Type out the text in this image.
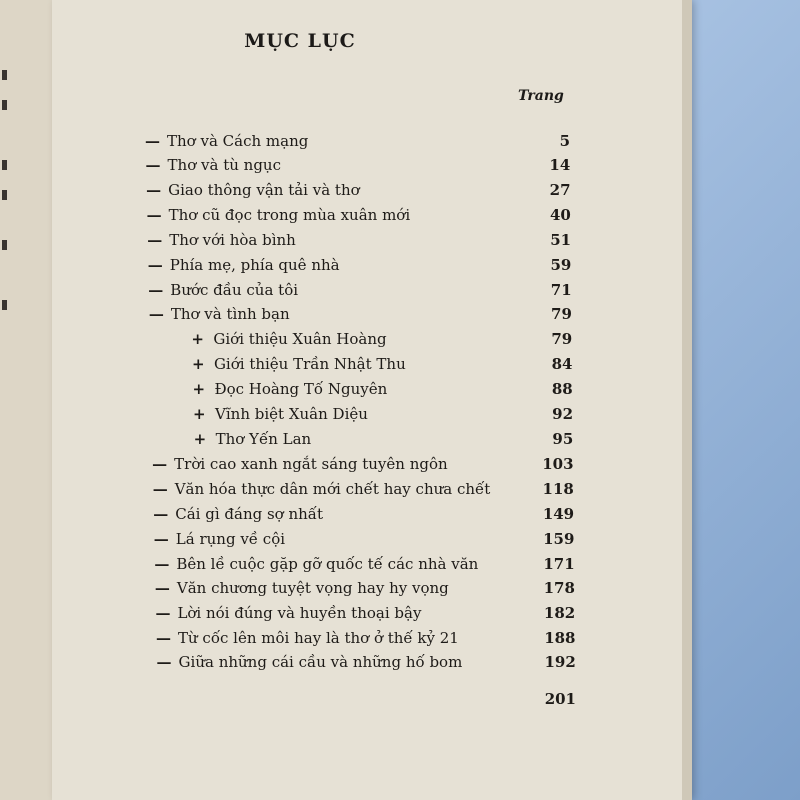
MỤC LỤC
Trang
— Thơ và Cách mạng	5
— Thơ và tù ngục	14
— Giao thông vận tải và thơ	27
— Thơ cũ đọc trong mùa xuân mới	40
— Thơ với hòa bình	51
— Phía mẹ, phía quê nhà	59
— Bước đầu của tôi	71
— Thơ và tình bạn	79
+ Giới thiệu Xuân Hoàng	79
+ Giới thiệu Trần Nhật Thu	84
+ Đọc Hoàng Tố Nguyên	88
+ Vĩnh biệt Xuân Diệu	92
+ Thơ Yến Lan	95
— Trời cao xanh ngắt sáng tuyên ngôn	103
— Văn hóa thực dân mới chết hay chưa chết	118
— Cái gì đáng sợ nhất	149
— Lá rụng về cội	159
— Bên lề cuộc gặp gỡ quốc tế các nhà văn	171
— Văn chương tuyệt vọng hay hy vọng	178
— Lời nói đúng và huyền thoại bậy	182
— Từ cốc lên môi hay là thơ ở thế kỷ 21	188
— Giữa những cái cầu và những hố bom	192
201
